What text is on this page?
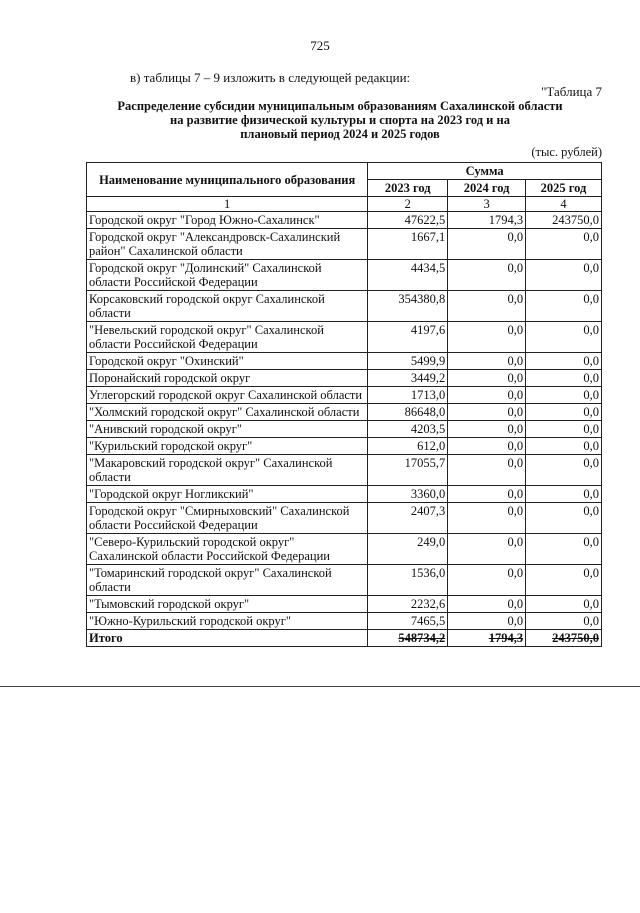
725
в) таблицы 7 – 9 изложить в следующей редакции:
"Таблица 7
Распределение субсидии муниципальным образованиям Сахалинской области
на развитие физической культуры и спорта на 2023 год и на
плановый период 2024 и 2025 годов
(тыс. рублей)
Наименование муниципального образования	Сумма		
	2023 год	2024 год	2025 год
1	2	3	4
Городской округ "Город Южно-Сахалинск"	47622,5	1794,3	243750,0
Городской округ "Александровск-Сахалинский район" Сахалинской области	1667,1	0,0	0,0
Городской округ "Долинский" Сахалинской области Российской Федерации	4434,5	0,0	0,0
Корсаковский городской округ Сахалинской области	354380,8	0,0	0,0
"Невельский городской округ" Сахалинской области Российской Федерации	4197,6	0,0	0,0
Городской округ "Охинский"	5499,9	0,0	0,0
Поронайский городской округ	3449,2	0,0	0,0
Углегорский городской округ Сахалинской области	1713,0	0,0	0,0
"Холмский городской округ" Сахалинской области	86648,0	0,0	0,0
"Анивский городской округ"	4203,5	0,0	0,0
"Курильский городской округ"	612,0	0,0	0,0
"Макаровский городской округ" Сахалинской области	17055,7	0,0	0,0
"Городской округ Ногликский"	3360,0	0,0	0,0
Городской округ "Смирныховский" Сахалинской области Российской Федерации	2407,3	0,0	0,0
"Северо-Курильский городской округ" Сахалинской области Российской Федерации	249,0	0,0	0,0
"Томаринский городской округ" Сахалинской области	1536,0	0,0	0,0
"Тымовский городской округ"	2232,6	0,0	0,0
"Южно-Курильский городской округ"	7465,5	0,0	0,0
Итого	548734,2	1794,3	243750,0
